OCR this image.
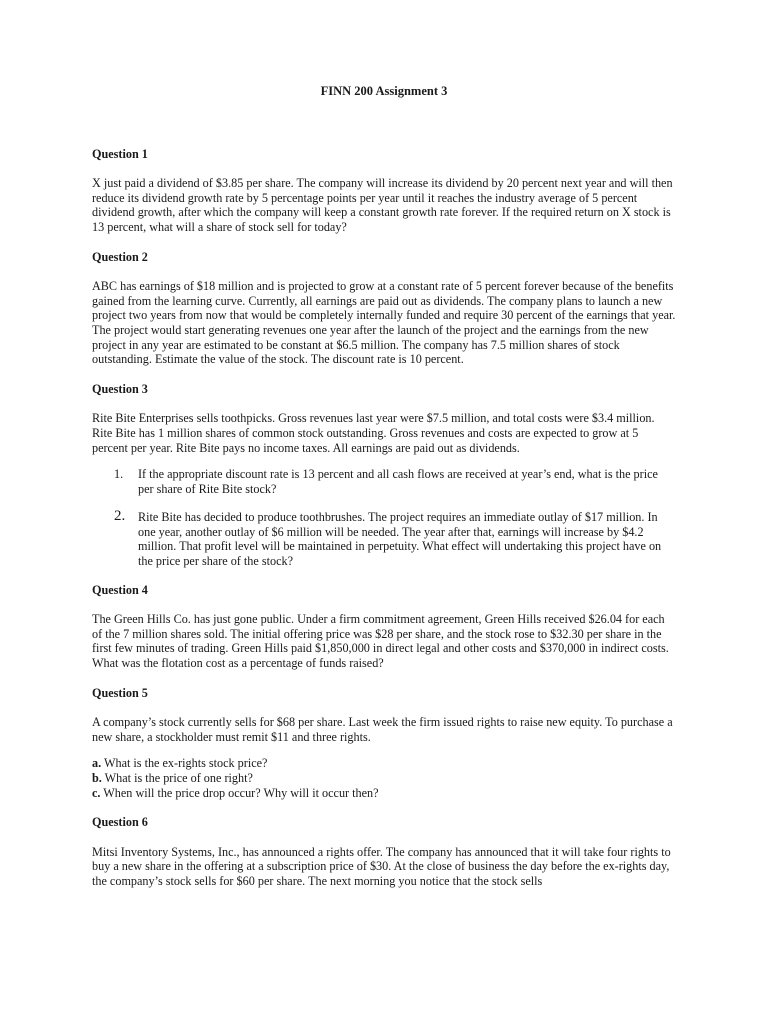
FINN 200 Assignment 3
Question 1

X just paid a dividend of $3.85 per share. The company will increase its dividend by 20 percent next year and will then reduce its dividend growth rate by 5 percentage points per year until it reaches the industry average of 5 percent dividend growth, after which the company will keep a constant growth rate forever. If the required return on X stock is 13 percent, what will a share of stock sell for today?

Question 2

ABC has earnings of $18 million and is projected to grow at a constant rate of 5 percent forever because of the benefits gained from the learning curve. Currently, all earnings are paid out as dividends. The company plans to launch a new project two years from now that would be completely internally funded and require 30 percent of the earnings that year. The project would start generating revenues one year after the launch of the project and the earnings from the new project in any year are estimated to be constant at $6.5 million. The company has 7.5 million shares of stock outstanding. Estimate the value of the stock. The discount rate is 10 percent.

Question 3

Rite Bite Enterprises sells toothpicks. Gross revenues last year were $7.5 million, and total costs were $3.4 million. Rite Bite has 1 million shares of common stock outstanding. Gross revenues and costs are expected to grow at 5 percent per year. Rite Bite pays no income taxes. All earnings are paid out as dividends.

1. If the appropriate discount rate is 13 percent and all cash flows are received at year’s end, what is the price per share of Rite Bite stock?
2. Rite Bite has decided to produce toothbrushes. The project requires an immediate outlay of $17 million. In one year, another outlay of $6 million will be needed. The year after that, earnings will increase by $4.2 million. That profit level will be maintained in perpetuity. What effect will undertaking this project have on the price per share of the stock?
Question 4

The Green Hills Co. has just gone public. Under a firm commitment agreement, Green Hills received $26.04 for each of the 7 million shares sold. The initial offering price was $28 per share, and the stock rose to $32.30 per share in the first few minutes of trading. Green Hills paid $1,850,000 in direct legal and other costs and $370,000 in indirect costs. What was the flotation cost as a percentage of funds raised?

Question 5

A company’s stock currently sells for $68 per share. Last week the firm issued rights to raise new equity. To purchase a new share, a stockholder must remit $11 and three rights.

a. What is the ex-rights stock price?

b. What is the price of one right?

c. When will the price drop occur? Why will it occur then?

Question 6

Mitsi Inventory Systems, Inc., has announced a rights offer. The company has announced that it will take four rights to buy a new share in the offering at a subscription price of $30. At the close of business the day before the ex-rights day, the company’s stock sells for $60 per share. The next morning you notice that the stock sells
